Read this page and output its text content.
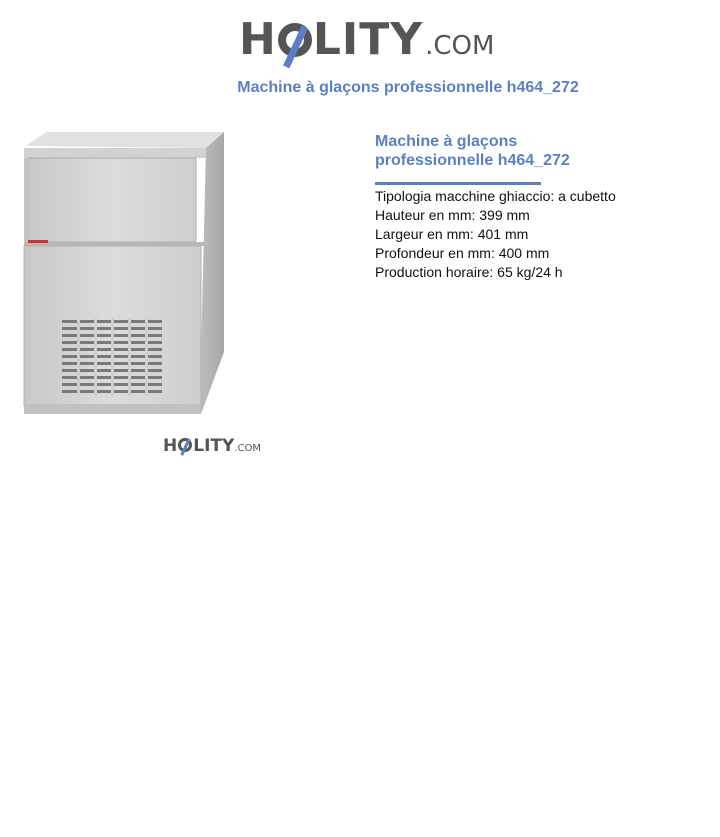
H LITY .COM
Machine à glaçons professionnelle h464_272
H LITY .COM
Machine à glaçons professionnelle h464_272
Tipologia macchine ghiaccio: a cubetto
Hauteur en mm: 399 mm
Largeur en mm: 401 mm
Profondeur en mm: 400 mm
Production horaire: 65 kg/24 h
